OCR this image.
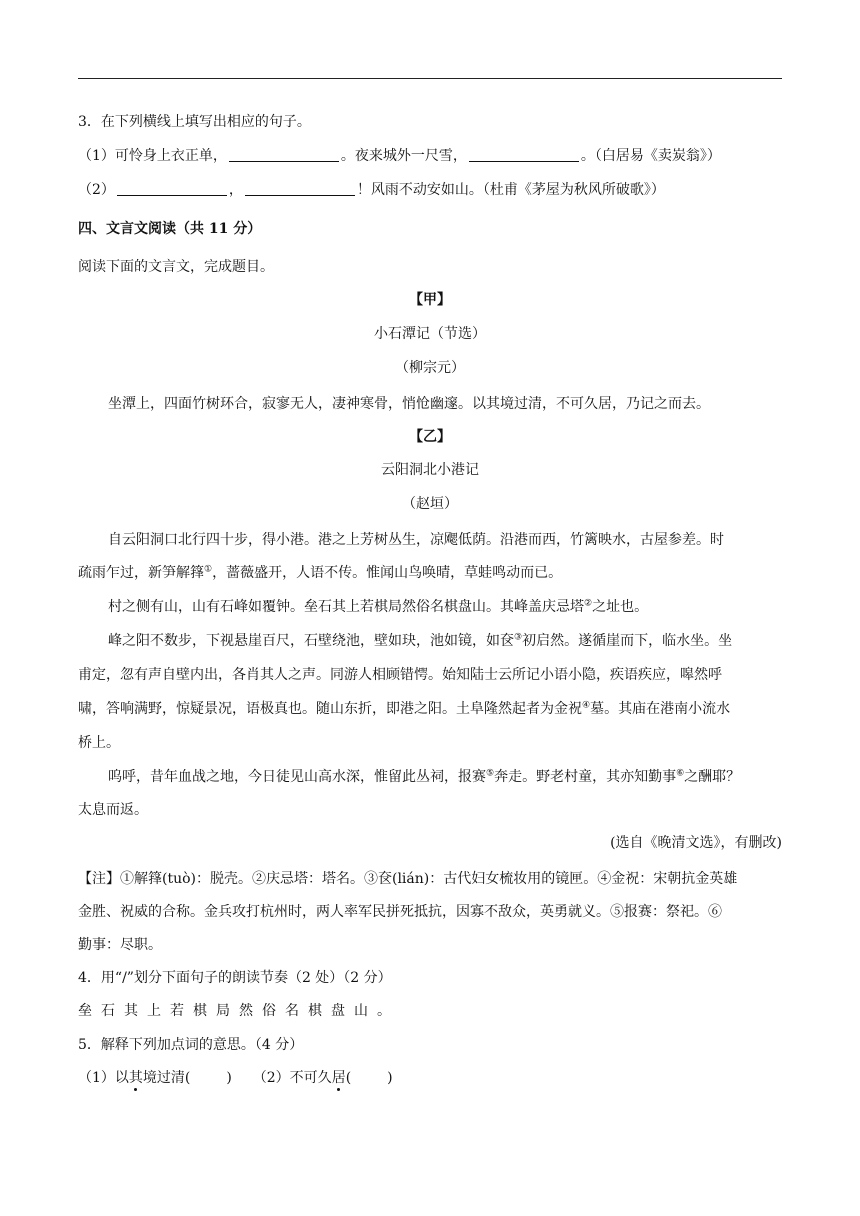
3．在下列横线上填写出相应的句子。
（1）可怜身上衣正单，	。夜来城外一尺雪，	。（白居易《卖炭翁》）
（2）	，	！风雨不动安如山。（杜甫《茅屋为秋风所破歌》）
四、文言文阅读（共 11 分）
阅读下面的文言文，完成题目。
【甲】
小石潭记（节选）
（柳宗元）
坐潭上，四面竹树环合，寂寥无人，凄神寒骨，悄怆幽邃。以其境过清，不可久居，乃记之而去。
【乙】
云阳洞北小港记
（赵垣）
自云阳洞口北行四十步，得小港。港之上芳树丛生，凉飔低荫。沿港而西，竹篱映水，古屋参差。时
疏雨乍过，新笋解箨①，蔷薇盛开，人语不传。惟闻山鸟唤晴，草蛙鸣动而已。
村之侧有山，山有石峰如覆钟。垒石其上若棋局然俗名棋盘山。其峰盖庆忌塔②之址也。
峰之阳不数步，下视悬崖百尺，石壁绕池，壁如玦，池如镜，如奁③初启然。遂循崖而下，临水坐。坐
甫定，忽有声自壁内出，各肖其人之声。同游人相顾错愕。始知陆士云所记小语小隐，疾语疾应，嗥然呼
啸，答响满野，惊疑景况，语极真也。随山东折，即港之阳。土阜隆然起者为金祝④墓。其庙在港南小流水
桥上。
呜呼，昔年血战之地，今日徒见山高水深，惟留此丛祠，报赛⑤奔走。野老村童，其亦知勤事⑥之酬耶？
太息而返。
(选自《晚清文选》，有删改)
【注】①解箨(tuò)：脱壳。②庆忌塔：塔名。③奁(lián)：古代妇女梳妆用的镜匣。④金祝：宋朝抗金英雄
金胜、祝威的合称。金兵攻打杭州时，两人率军民拼死抵抗，因寡不敌众，英勇就义。⑤报赛：祭祀。⑥
勤事：尽职。
4．用“/”划分下面句子的朗读节奏（2 处）（2 分）
垒石其上若棋局然俗名棋盘山。
5．解释下列加点词的意思。（4 分）
（1）以其境过清(	) （2）不可久居(	)
